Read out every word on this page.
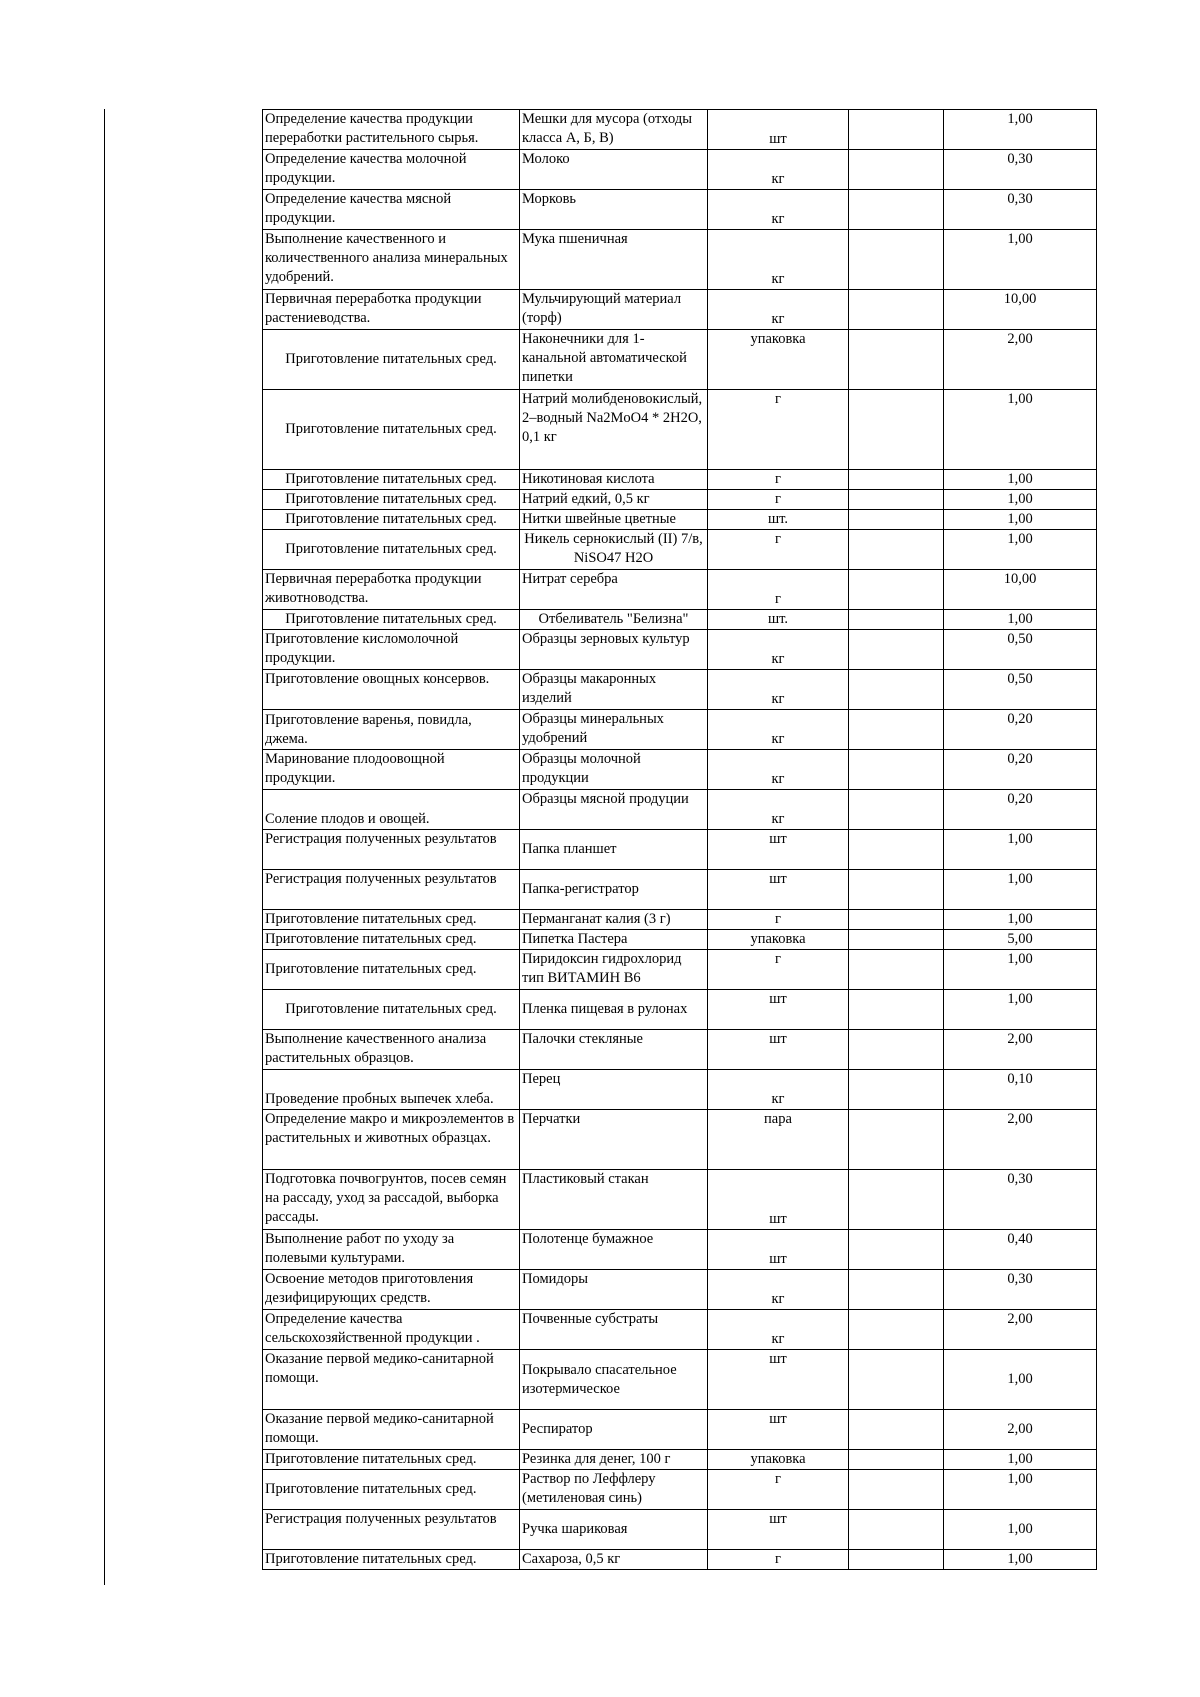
Определение качества продукции переработки растительного сырья.	Мешки для мусора (отходы класса А, Б, В)	шт		1,00
Определение качества молочной продукции.	Молоко	кг		0,30
Определение качества мясной продукции.	Морковь	кг		0,30
Выполнение качественного и количественного анализа минеральных удобрений.	Мука пшеничная	кг		1,00
Первичная переработка продукции растениеводства.	Мульчирующий материал (торф)	кг		10,00
Приготовление питательных сред.	Наконечники для 1-канальной автоматической пипетки	упаковка		2,00
Приготовление питательных сред.	Натрий молибденовокислый, 2–водный Na2MoO4 * 2H2O, 0,1 кг	г		1,00
Приготовление питательных сред.	Никотиновая кислота	г		1,00
Приготовление питательных сред.	Натрий едкий, 0,5 кг	г		1,00
Приготовление питательных сред.	Нитки швейные цветные	шт.		1,00
Приготовление питательных сред.	Никель сернокислый (II) 7/в, NiSO47 H2O	г		1,00
Первичная переработка продукции животноводства.	Нитрат серебра	г		10,00
Приготовление питательных сред.	Отбеливатель "Белизна"	шт.		1,00
Приготовление кисломолочной продукции.	Образцы зерновых культур	кг		0,50
Приготовление овощных консервов.	Образцы макаронных изделий	кг		0,50
Приготовление варенья, повидла, джема.	Образцы минеральных удобрений	кг		0,20
Маринование плодоовощной продукции.	Образцы молочной продукции	кг		0,20
Соление плодов и овощей.	Образцы мясной продуции	кг		0,20
Регистрация полученных результатов	Папка планшет	шт		1,00
Регистрация полученных результатов	Папка-регистратор	шт		1,00
Приготовление питательных сред.	Перманганат калия (3 г)	г		1,00
Приготовление питательных сред.	Пипетка Пастера	упаковка		5,00
Приготовление питательных сред.	Пиридоксин гидрохлорид тип ВИТАМИН В6	г		1,00
Приготовление питательных сред.	Пленка пищевая в рулонах	шт		1,00
Выполнение качественного анализа растительных образцов.	Палочки стекляные	шт		2,00
Проведение пробных выпечек хлеба.	Перец	кг		0,10
Определение макро и микроэлементов в растительных и животных образцах.	Перчатки	пара		2,00
Подготовка почвогрунтов, посев семян на рассаду, уход за рассадой, выборка рассады.	Пластиковый стакан	шт		0,30
Выполнение работ по уходу за полевыми культурами.	Полотенце бумажное	шт		0,40
Освоение методов приготовления дезифицирующих средств.	Помидоры	кг		0,30
Определение качества сельскохозяйственной продукции .	Почвенные субстраты	кг		2,00
Оказание первой медико-санитарной помощи.	Покрывало спасательное изотермическое	шт		1,00
Оказание первой медико-санитарной помощи.	Респиратор	шт		2,00
Приготовление питательных сред.	Резинка для денег, 100 г	упаковка		1,00
Приготовление питательных сред.	Раствор по Леффлеру (метиленовая синь)	г		1,00
Регистрация полученных результатов	Ручка шариковая	шт		1,00
Приготовление питательных сред.	Сахароза, 0,5 кг	г		1,00
